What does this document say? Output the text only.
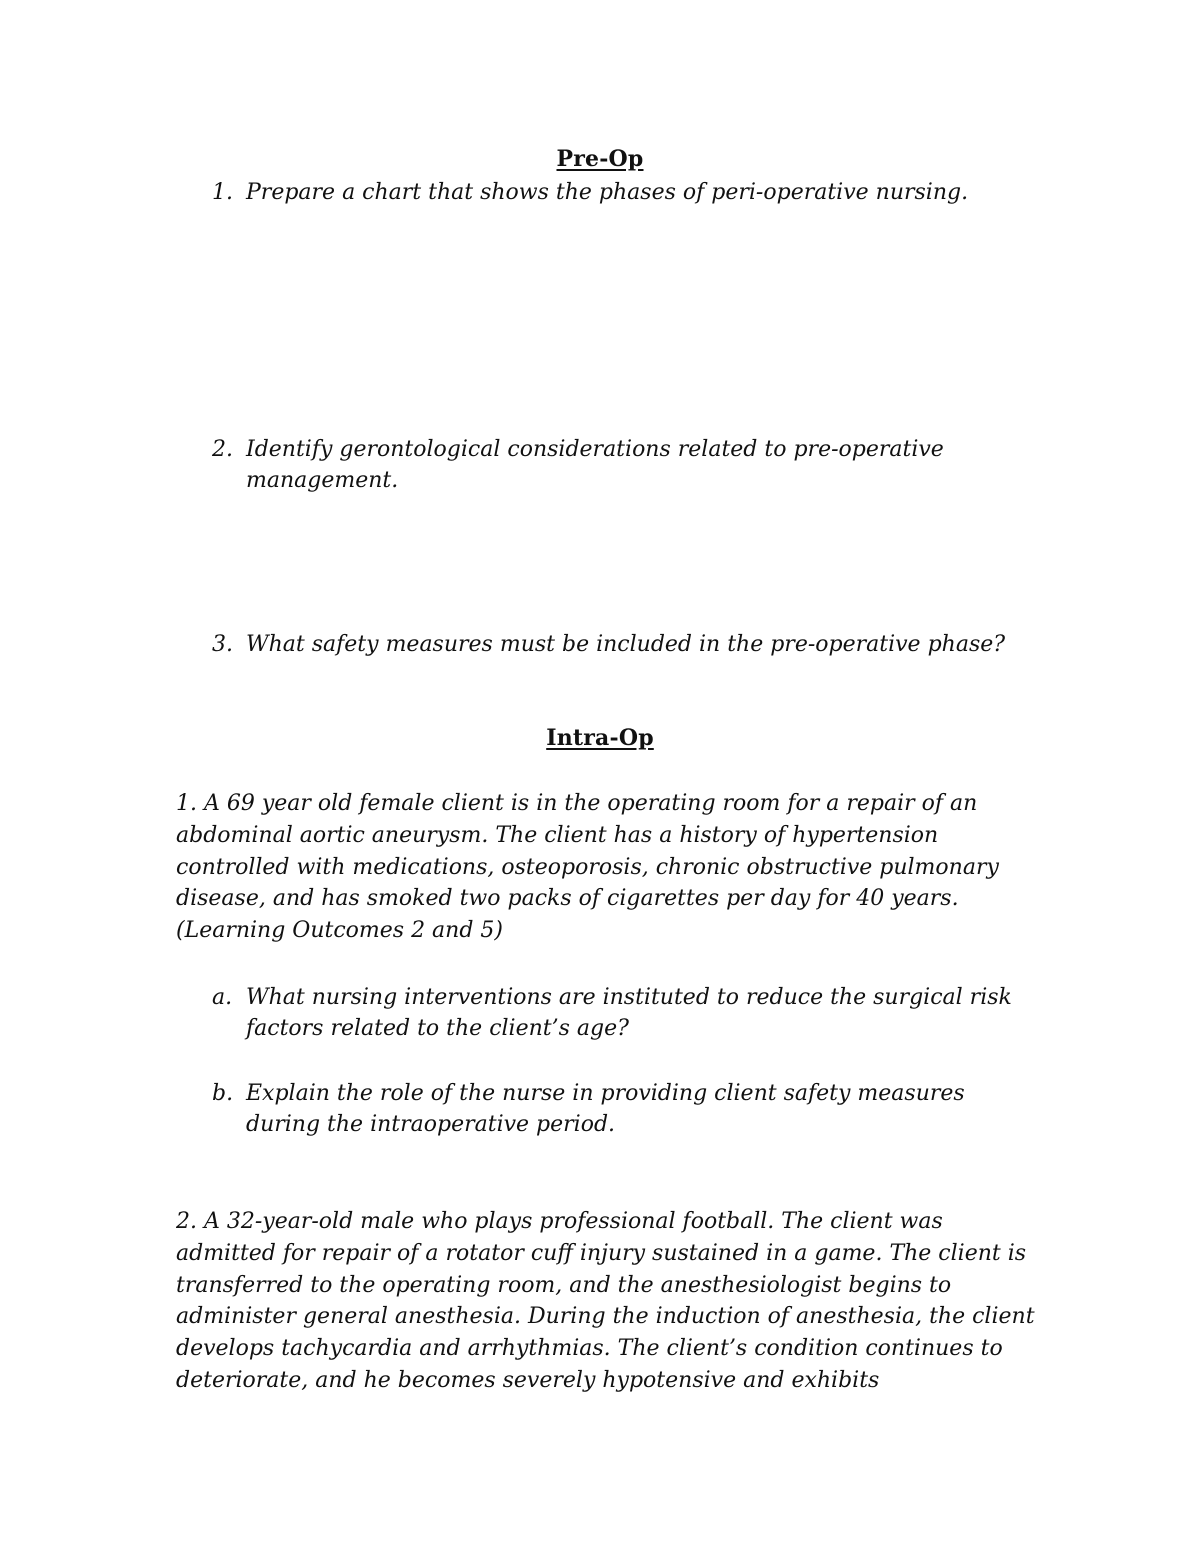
Pre-Op
1. Prepare a chart that shows the phases of peri-operative nursing.
2. Identify gerontological considerations related to pre-operative management.
3. What safety measures must be included in the pre-operative phase?
Intra-Op
1. A 69 year old female client is in the operating room for a repair of an abdominal aortic aneurysm. The client has a history of hypertension controlled with medications, osteoporosis, chronic obstructive pulmonary disease, and has smoked two packs of cigarettes per day for 40 years. (Learning Outcomes 2 and 5)
a. What nursing interventions are instituted to reduce the surgical risk factors related to the client’s age?
b. Explain the role of the nurse in providing client safety measures during the intraoperative period.
2. A 32-year-old male who plays professional football. The client was admitted for repair of a rotator cuff injury sustained in a game. The client is transferred to the operating room, and the anesthesiologist begins to administer general anesthesia. During the induction of anesthesia, the client develops tachycardia and arrhythmias. The client’s condition continues to deteriorate, and he becomes severely hypotensive and exhibits
